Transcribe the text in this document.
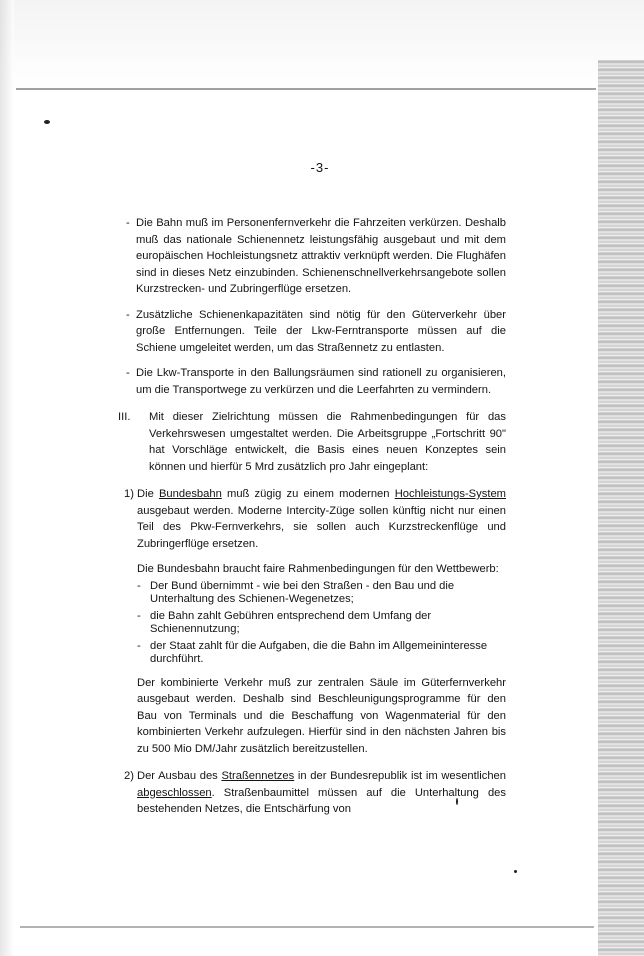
-3-

- Die Bahn muß im Personenfernverkehr die Fahrzeiten verkürzen. Deshalb muß das nationale Schienennetz leistungsfähig ausgebaut und mit dem europäischen Hochleistungsnetz attraktiv verknüpft werden. Die Flughäfen sind in dieses Netz einzubinden. Schienenschnellverkehrsangebote sollen Kurzstrecken- und Zubringerflüge ersetzen.

- Zusätzliche Schienenkapazitäten sind nötig für den Güterverkehr über große Entfernungen. Teile der Lkw-Ferntransporte müssen auf die Schiene umgeleitet werden, um das Straßennetz zu entlasten.

- Die Lkw-Transporte in den Ballungsräumen sind rationell zu organisieren, um die Transportwege zu verkürzen und die Leerfahrten zu vermindern.

III. Mit dieser Zielrichtung müssen die Rahmenbedingungen für das Verkehrswesen umgestaltet werden. Die Arbeitsgruppe „Fortschritt 90" hat Vorschläge entwickelt, die Basis eines neuen Konzeptes sein können und hierfür 5 Mrd zusätzlich pro Jahr eingeplant:

1) Die Bundesbahn muß zügig zu einem modernen Hochleistungs-System ausgebaut werden. Moderne Intercity-Züge sollen künftig nicht nur einen Teil des Pkw-Fernverkehrs, sie sollen auch Kurzstreckenflüge und Zubringerflüge ersetzen.

Die Bundesbahn braucht faire Rahmenbedingungen für den Wettbewerb:

- Der Bund übernimmt - wie bei den Straßen - den Bau und die Unterhaltung des Schienen-Wegenetzes;

- die Bahn zahlt Gebühren entsprechend dem Umfang der Schienennutzung;

- der Staat zahlt für die Aufgaben, die die Bahn im Allgemeininteresse durchführt.

Der kombinierte Verkehr muß zur zentralen Säule im Güterfernverkehr ausgebaut werden. Deshalb sind Beschleunigungsprogramme für den Bau von Terminals und die Beschaffung von Wagenmaterial für den kombinierten Verkehr aufzulegen. Hierfür sind in den nächsten Jahren bis zu 500 Mio DM/Jahr zusätzlich bereitzustellen.

2) Der Ausbau des Straßennetzes in der Bundesrepublik ist im wesentlichen abgeschlossen. Straßenbaumittel müssen auf die Unterhaltung des bestehenden Netzes, die Entschärfung von
